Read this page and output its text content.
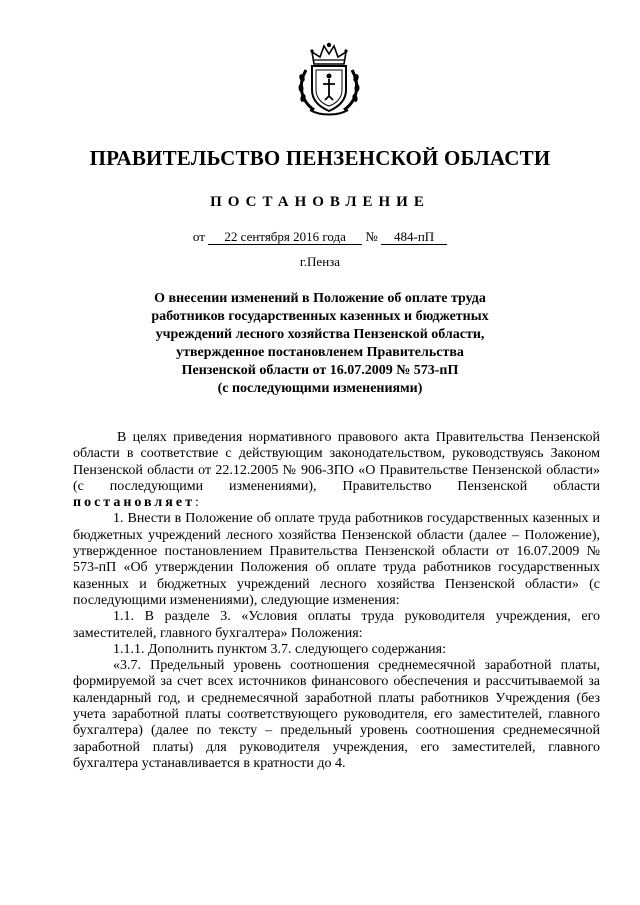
ПРАВИТЕЛЬСТВО ПЕНЗЕНСКОЙ ОБЛАСТИ
ПОСТАНОВЛЕНИЕ
от 22 сентября 2016 года № 484-пП
г.Пенза
О внесении изменений в Положение об оплате труда
работников государственных казенных и бюджетных
учреждений лесного хозяйства Пензенской области,
утвержденное постановленем Правительства
Пензенской области от 16.07.2009 № 573-пП
(с последующими изменениями)

В целях приведения нормативного правового акта Правительства Пензенской области в соответствие с действующим законодательством, руководствуясь Законом Пензенской области от 22.12.2005 № 906-ЗПО «О Правительстве Пензенской области» (с последующими изменениями), Правительство Пензенской области постановляет:

1. Внести в Положение об оплате труда работников государственных казенных и бюджетных учреждений лесного хозяйства Пензенской области (далее – Положение), утвержденное постановлением Правительства Пензенской области от 16.07.2009 № 573-пП «Об утверждении Положения об оплате труда работников государственных казенных и бюджетных учреждений лесного хозяйства Пензенской области» (с последующими изменениями), следующие изменения:

1.1. В разделе 3. «Условия оплаты труда руководителя учреждения, его заместителей, главного бухгалтера» Положения:

1.1.1. Дополнить пунктом 3.7. следующего содержания:

«3.7. Предельный уровень соотношения среднемесячной заработной платы, формируемой за счет всех источников финансового обеспечения и рассчитываемой за календарный год, и среднемесячной заработной платы работников Учреждения (без учета заработной платы соответствующего руководителя, его заместителей, главного бухгалтера) (далее по тексту – предельный уровень соотношения среднемесячной заработной платы) для руководителя учреждения, его заместителей, главного бухгалтера устанавливается в кратности до 4.
